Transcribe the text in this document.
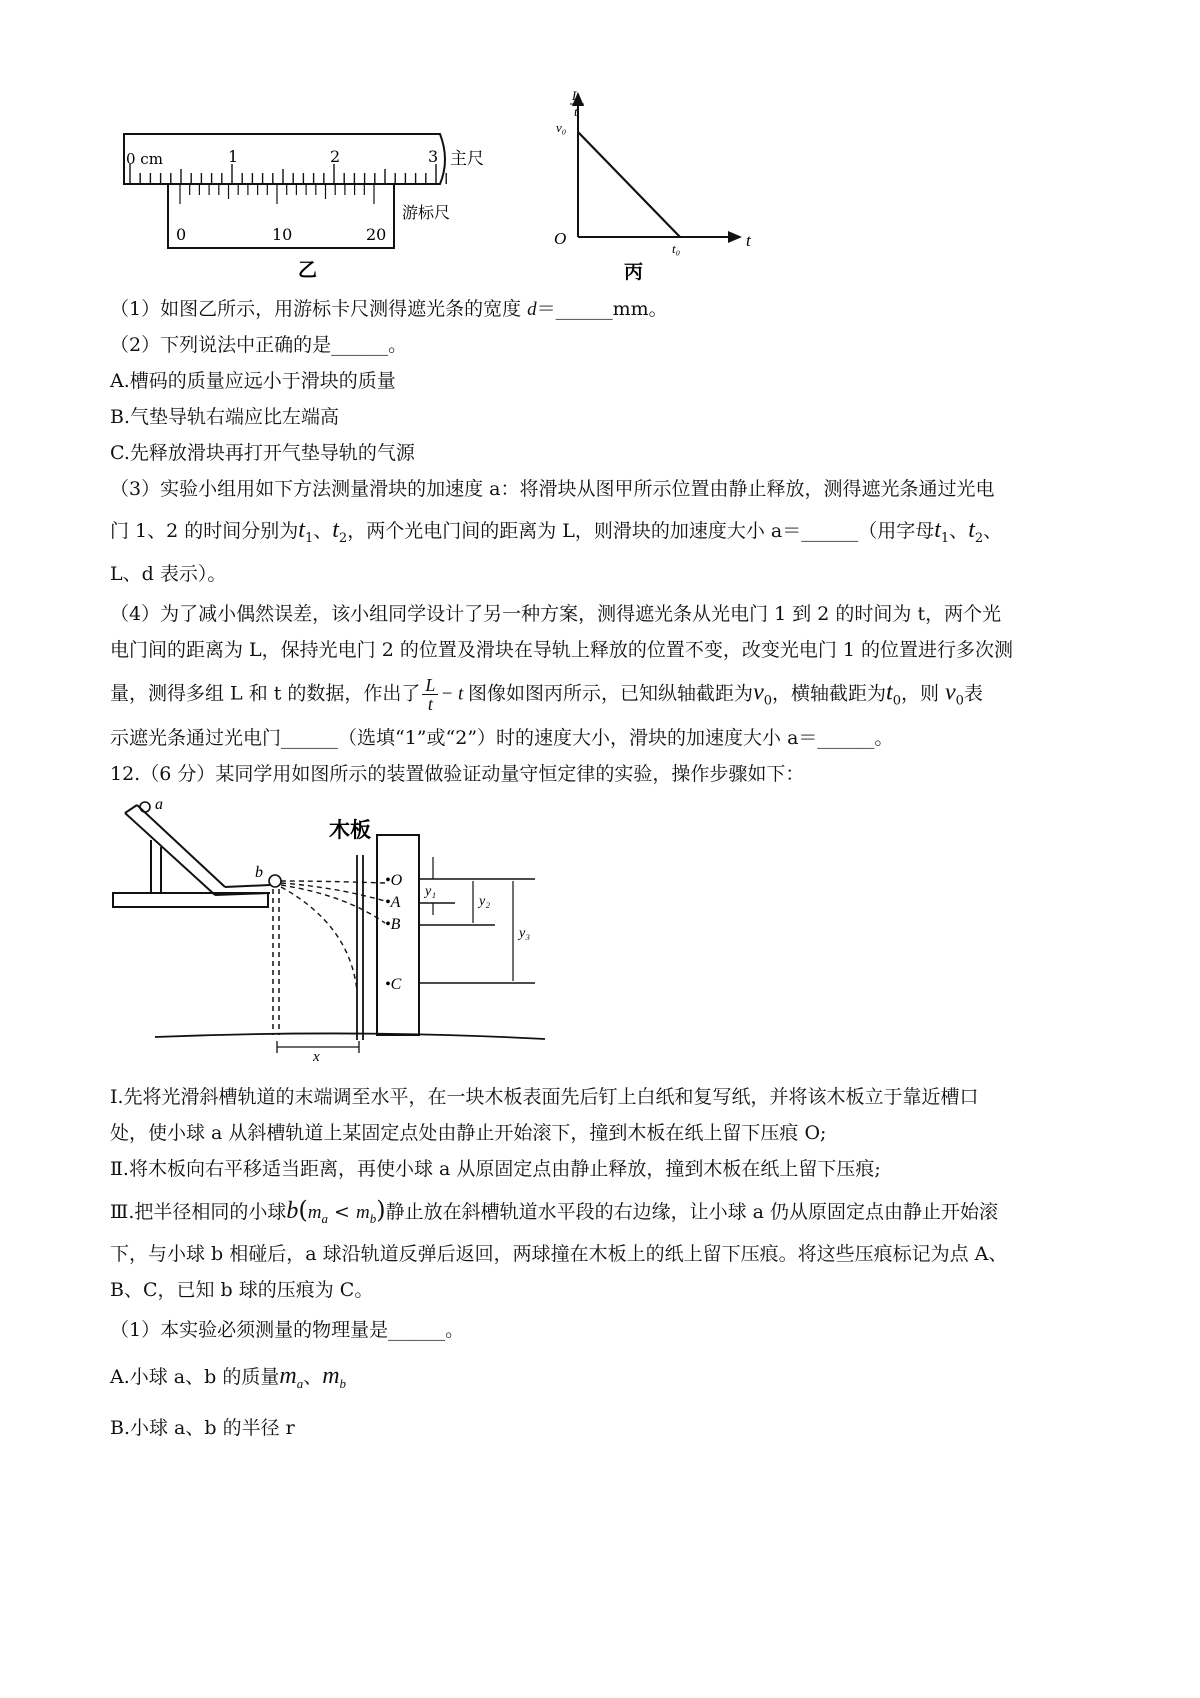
0 cm	1	2	3 主尺
0	10	20
游标尺
乙
L
t
v₀
O
t₀	t
丙
（1）如图乙所示，用游标卡尺测得遮光条的宽度 d＝______mm。
（2）下列说法中正确的是______。
A.槽码的质量应远小于滑块的质量
B.气垫导轨右端应比左端高
C.先释放滑块再打开气垫导轨的气源
（3）实验小组用如下方法测量滑块的加速度 a：将滑块从图甲所示位置由静止释放，测得遮光条通过光电
门 1、2 的时间分别为$t_1$、$t_2$，两个光电门间的距离为 L，则滑块的加速度大小 a＝______（用字母$t_1$、$t_2$、
L、d 表示）。
（4）为了减小偶然误差，该小组同学设计了另一种方案，测得遮光条从光电门 1 到 2 的时间为 t，两个光
电门间的距离为 L，保持光电门 2 的位置及滑块在导轨上释放的位置不变，改变光电门 1 的位置进行多次测
量，测得多组 L 和 t 的数据，作出了 $\frac{L}{t} - t$ 图像如图丙所示，已知纵轴截距为$v_0$，横轴截距为$t_0$，则 $v_0$表
示遮光条通过光电门______（选填“1”或“2”）时的速度大小，滑块的加速度大小 a＝______。
12.（6 分）某同学用如图所示的装置做验证动量守恒定律的实验，操作步骤如下：
a
b
木板
•O
•A
•B
•C
y₁
y₂
y₃
x
Ⅰ.先将光滑斜槽轨道的末端调至水平，在一块木板表面先后钉上白纸和复写纸，并将该木板立于靠近槽口
处，使小球 a 从斜槽轨道上某固定点处由静止开始滚下，撞到木板在纸上留下压痕 O;
Ⅱ.将木板向右平移适当距离，再使小球 a 从原固定点由静止释放，撞到木板在纸上留下压痕;
Ⅲ.把半径相同的小球$b(m_a < m_b)$静止放在斜槽轨道水平段的右边缘，让小球 a 仍从原固定点由静止开始滚
下，与小球 b 相碰后，a 球沿轨道反弹后返回，两球撞在木板上的纸上留下压痕。将这些压痕标记为点 A、
B、C，已知 b 球的压痕为 C。
（1）本实验必须测量的物理量是______。
A.小球 a、b 的质量$m_a$、$m_b$
B.小球 a、b 的半径 r
